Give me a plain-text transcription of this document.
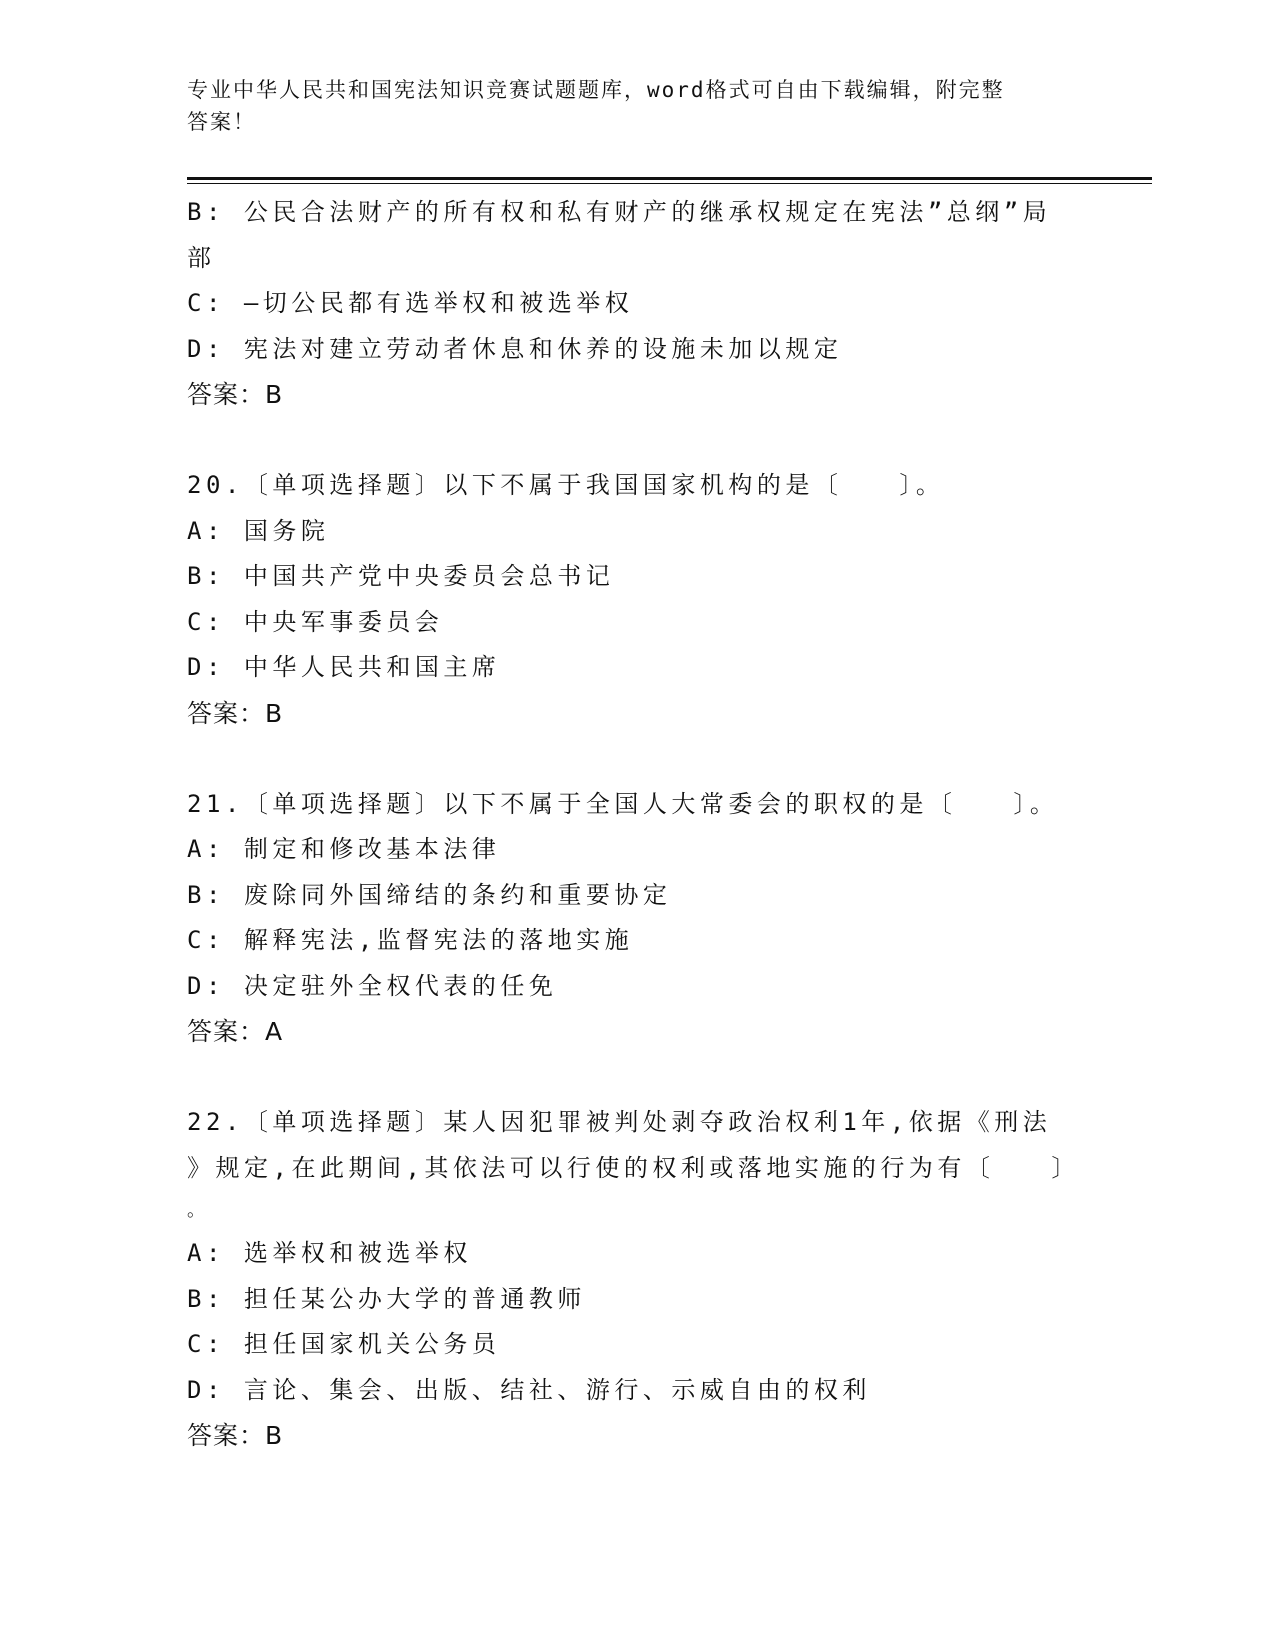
专业中华人民共和国宪法知识竞赛试题题库，word格式可自由下载编辑，附完整
答案！
B: 公民合法财产的所有权和私有财产的继承权规定在宪法”总纲”局
部
C: —切公民都有选举权和被选举权
D: 宪法对建立劳动者休息和休养的设施未加以规定
答案：B
20.〔单项选择题〕以下不属于我国国家机构的是〔　　〕。
A: 国务院
B: 中国共产党中央委员会总书记
C: 中央军事委员会
D: 中华人民共和国主席
答案：B
21.〔单项选择题〕以下不属于全国人大常委会的职权的是〔　　〕。
A: 制定和修改基本法律
B: 废除同外国缔结的条约和重要协定
C: 解释宪法,监督宪法的落地实施
D: 决定驻外全权代表的任免
答案：A
22.〔单项选择题〕某人因犯罪被判处剥夺政治权利1年,依据《刑法
》规定,在此期间,其依法可以行使的权利或落地实施的行为有〔　　〕
。
A: 选举权和被选举权
B: 担任某公办大学的普通教师
C: 担任国家机关公务员
D: 言论、集会、出版、结社、游行、示威自由的权利
答案：B
